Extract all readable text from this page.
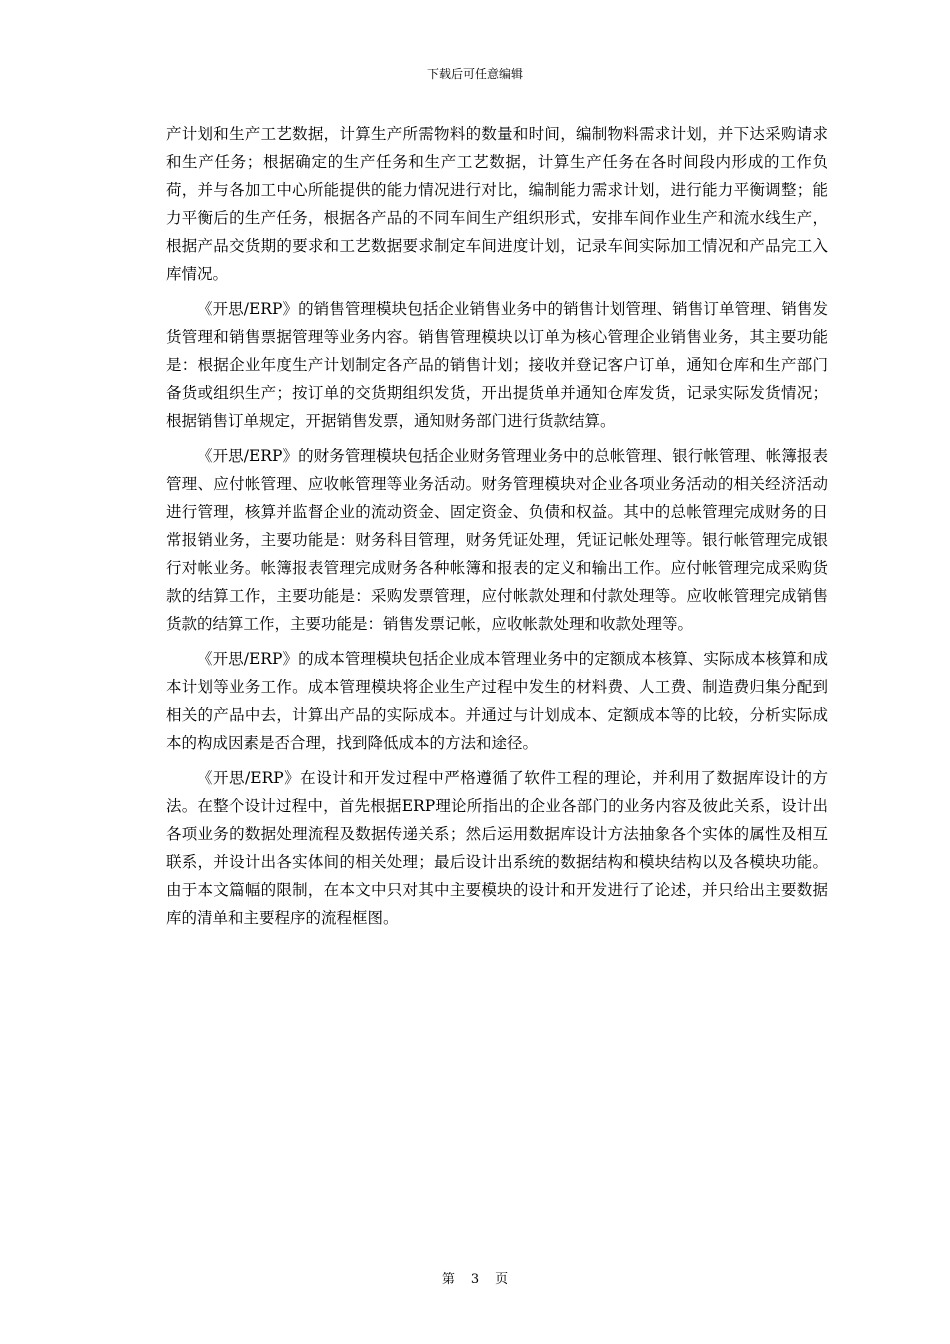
下载后可任意编辑

产计划和生产工艺数据，计算生产所需物料的数量和时间，编制物料需求计划，并下达采购请求和生产任务；根据确定的生产任务和生产工艺数据，计算生产任务在各时间段内形成的工作负荷，并与各加工中心所能提供的能力情况进行对比，编制能力需求计划，进行能力平衡调整；能力平衡后的生产任务，根据各产品的不同车间生产组织形式，安排车间作业生产和流水线生产，根据产品交货期的要求和工艺数据要求制定车间进度计划，记录车间实际加工情况和产品完工入库情况。

《开思/ERP》的销售管理模块包括企业销售业务中的销售计划管理、销售订单管理、销售发货管理和销售票据管理等业务内容。销售管理模块以订单为核心管理企业销售业务，其主要功能是：根据企业年度生产计划制定各产品的销售计划；接收并登记客户订单，通知仓库和生产部门备货或组织生产；按订单的交货期组织发货，开出提货单并通知仓库发货，记录实际发货情况；根据销售订单规定，开据销售发票，通知财务部门进行货款结算。

《开思/ERP》的财务管理模块包括企业财务管理业务中的总帐管理、银行帐管理、帐簿报表管理、应付帐管理、应收帐管理等业务活动。财务管理模块对企业各项业务活动的相关经济活动进行管理，核算并监督企业的流动资金、固定资金、负债和权益。其中的总帐管理完成财务的日常报销业务，主要功能是：财务科目管理，财务凭证处理，凭证记帐处理等。银行帐管理完成银行对帐业务。帐簿报表管理完成财务各种帐簿和报表的定义和输出工作。应付帐管理完成采购货款的结算工作，主要功能是：采购发票管理，应付帐款处理和付款处理等。应收帐管理完成销售货款的结算工作，主要功能是：销售发票记帐，应收帐款处理和收款处理等。

《开思/ERP》的成本管理模块包括企业成本管理业务中的定额成本核算、实际成本核算和成本计划等业务工作。成本管理模块将企业生产过程中发生的材料费、人工费、制造费归集分配到相关的产品中去，计算出产品的实际成本。并通过与计划成本、定额成本等的比较，分析实际成本的构成因素是否合理，找到降低成本的方法和途径。

《开思/ERP》在设计和开发过程中严格遵循了软件工程的理论，并利用了数据库设计的方法。在整个设计过程中，首先根据ERP理论所指出的企业各部门的业务内容及彼此关系，设计出各项业务的数据处理流程及数据传递关系；然后运用数据库设计方法抽象各个实体的属性及相互联系，并设计出各实体间的相关处理；最后设计出系统的数据结构和模块结构以及各模块功能。由于本文篇幅的限制，在本文中只对其中主要模块的设计和开发进行了论述，并只给出主要数据库的清单和主要程序的流程框图。

第 3 页
